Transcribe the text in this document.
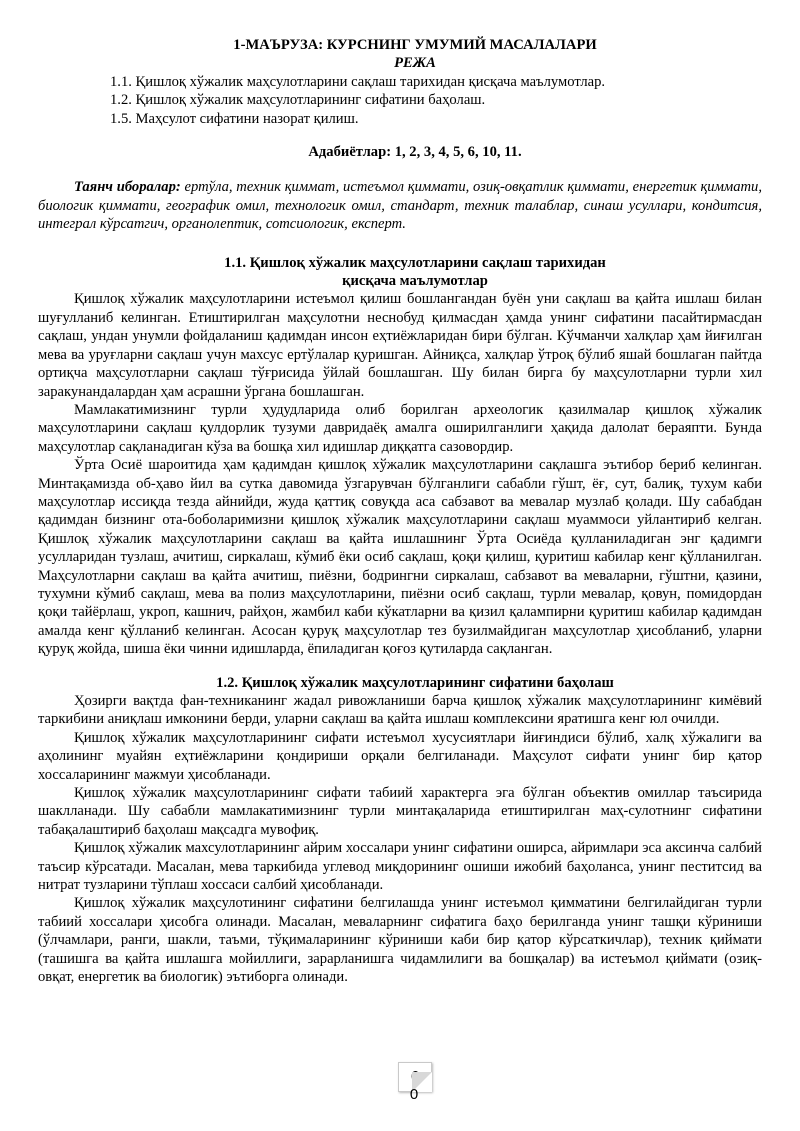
1-МАЪРУЗА: КУРСНИНГ УМУМИЙ МАСАЛАЛАРИ
РЕЖА
1.1. Қишлоқ хўжалик маҳсулотларини сақлаш тарихидан қисқача маълумотлар.
1.2. Қишлоқ хўжалик маҳсулотларининг сифатини баҳолаш.
1.5. Маҳсулот сифатини назорат қилиш.
Адабиётлар: 1, 2, 3, 4, 5, 6, 10, 11.
Таянч иборалар: ертўла, техник қиммат, истеъмол қиммати, озиқ-овқатлик қиммати, енергетик қиммати, биологик қиммати, географик омил, технологик омил, стандарт, техник талаблар, синаш усуллари, кондитсия, интеграл кўрсатгич, органолептик, сотсиологик, експерт.
1.1. Қишлоқ хўжалик маҳсулотларини сақлаш тарихидан
қисқача маълумотлар

Қишлоқ хўжалик маҳсулотларини истеъмол қилиш бошлангандан буён уни сақлаш ва қайта ишлаш билан шуғулланиб келинган. Етиштирилган маҳсулотни неснобуд қилмасдан ҳамда унинг сифатини пасайтирмасдан сақлаш, ундан унумли фойдаланиш қадимдан инсон еҳтиёжларидан бири бўлган. Кўчманчи халқлар ҳам йиғилган мева ва уруғларни сақлаш учун махсус ертўлалар қуришган. Айниқса, халқлар ўтроқ бўлиб яшай бошлаган пайтда ортиқча маҳсулотларни сақлаш тўғрисида ўйлай бошлашган. Шу билан бирга бу маҳсулотларни турли хил заракунандалардан ҳам асрашни ўргана бошлашган.

Мамлакатимизнинг турли ҳудудларида олиб борилган археологик қазилмалар қишлоқ хўжалик маҳсулотларини сақлаш қулдорлик тузуми давридаёқ амалга оширилганлиги ҳақида далолат бераяпти. Бунда маҳсулотлар сақланадиган кўза ва бошқа хил идишлар диққатга сазовордир.

Ўрта Осиё шароитида ҳам қадимдан қишлоқ хўжалик маҳсулотларини сақлашга эътибор бериб келинган. Минтақамизда об-ҳаво йил ва сутка давомида ўзгарувчан бўлганлиги сабабли гўшт, ёғ, сут, балиқ, тухум каби маҳсулотлар иссиқда тезда айнийди, жуда қаттиқ совуқда аса сабзавот ва мевалар музлаб қолади. Шу сабабдан қадимдан бизнинг ота-боболаримизни қишлоқ хўжалик маҳсулотларини сақлаш муаммоси уйлантириб келган. Қишлоқ хўжалик маҳсулотларини сақлаш ва қайта ишлашнинг Ўрта Осиёда қулланиладиган энг қадимги усулларидан тузлаш, ачитиш, сиркалаш, кўмиб ёки осиб сақлаш, қоқи қилиш, қуритиш кабилар кенг қўлланилган. Маҳсулотларни сақлаш ва қайта ачитиш, пиёзни, бодрингни сиркалаш, сабзавот ва меваларни, гўштни, қазини, тухумни кўмиб сақлаш, мева ва полиз маҳсулотларини, пиёзни осиб сақлаш, турли мевалар, қовун, помидордан қоқи тайёрлаш, укроп, кашнич, райҳон, жамбил каби кўкатларни ва қизил қалампирни қуритиш кабилар қадимдан амалда кенг қўлланиб келинган. Асосан қуруқ маҳсулотлар тез бузилмайдиган маҳсулотлар ҳисобланиб, уларни қуруқ жойда, шиша ёки чинни идишларда, ёпиладиган қоғоз қутиларда сақланган.

1.2. Қишлоқ хўжалик маҳсулотларининг сифатини баҳолаш

Ҳозирги вақтда фан-техниканинг жадал ривожланиши барча қишлоқ хўжалик маҳсулотларининг кимёвий таркибини аниқлаш имконини берди, уларни сақлаш ва қайта ишлаш комплексини яратишга кенг юл очилди.

Қишлоқ хўжалик маҳсулотларининг сифати истеъмол хусусиятлари йиғиндиси бўлиб, халқ хўжалиги ва аҳолининг муайян еҳтиёжларини қондириши орқали белгиланади. Маҳсулот сифати унинг бир қатор хоссаларининг мажмуи ҳисобланади.

Қишлоқ хўжалик маҳсулотларининг сифати табиий характерга эга бўлган объектив омиллар таъсирида шаклланади. Шу сабабли мамлакатимизнинг турли минтақаларида етиштирилган маҳ-сулотнинг сифатини табақалаштириб баҳолаш мақсадга мувофиқ.

Қишлоқ хўжалик махсулотларининг айрим хоссалари унинг сифатини оширса, айримлари эса аксинча салбий таъсир кўрсатади. Масалан, мева таркибида углевод миқдорининг ошиши ижобий баҳоланса, унинг пеститсид ва нитрат тузларини тўплаш хоссаси салбий ҳисобланади.

Қишлоқ хўжалик маҳсулотининг сифатини белгилашда унинг истеъмол қимматини белгилайдиган турли табиий хоссалари ҳисобга олинади. Масалан, меваларнинг сифатига баҳо берилганда унинг ташқи кўриниши (ўлчамлари, ранги, шакли, таъми, тўқималарининг кўриниши каби бир қатор кўрсаткичлар), техник қиймати (ташишга ва қайта ишлашга мойиллиги, зарарланишга чидамлилиги ва бошқалар) ва истеъмол қиймати (озиқ-овқат, енергетик ва биологик) эътиборга олинади.

6
0
